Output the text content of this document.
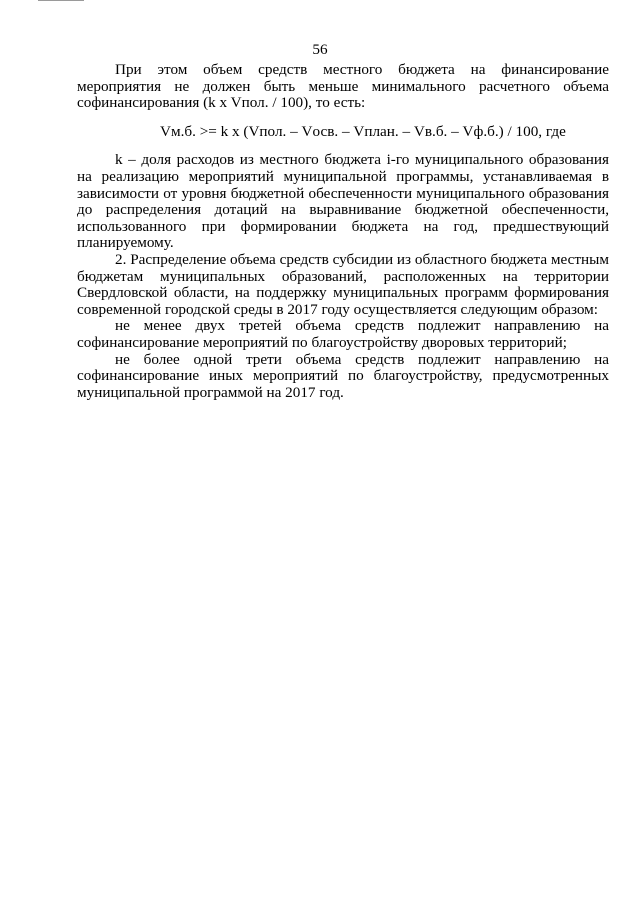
56

При этом объем средств местного бюджета на финансирование мероприятия не должен быть меньше минимального расчетного объема софинансирования (k x Vпол. / 100), то есть:

Vм.б. >= k x (Vпол. – Vосв. – Vплан. – Vв.б. – Vф.б.) / 100, где

k – доля расходов из местного бюджета i-го муниципального образования на реализацию мероприятий муниципальной программы, устанавливаемая в зависимости от уровня бюджетной обеспеченности муниципального образования до распределения дотаций на выравнивание бюджетной обеспеченности, использованного при формировании бюджета на год, предшествующий планируемому.

2. Распределение объема средств субсидии из областного бюджета местным бюджетам муниципальных образований, расположенных на территории Свердловской области, на поддержку муниципальных программ формирования современной городской среды в 2017 году осуществляется следующим образом:

не менее двух третей объема средств подлежит направлению на софинансирование мероприятий по благоустройству дворовых территорий;

не более одной трети объема средств подлежит направлению на софинансирование иных мероприятий по благоустройству, предусмотренных муниципальной программой на 2017 год.
